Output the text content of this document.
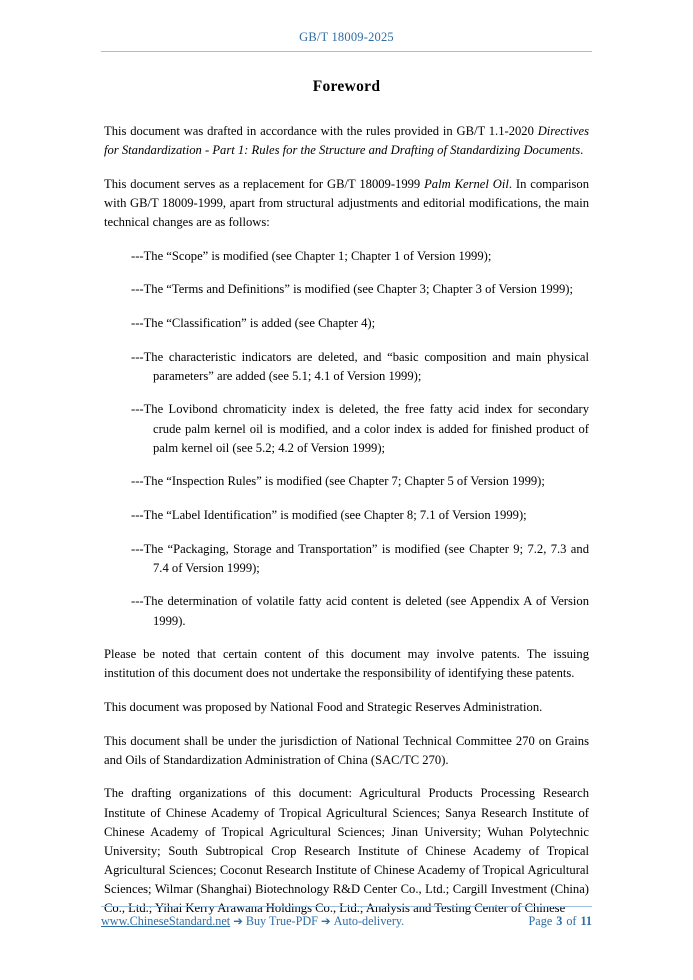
GB/T 18009-2025
Foreword

This document was drafted in accordance with the rules provided in GB/T 1.1-2020 Directives for Standardization - Part 1: Rules for the Structure and Drafting of Standardizing Documents.

This document serves as a replacement for GB/T 18009-1999 Palm Kernel Oil. In comparison with GB/T 18009-1999, apart from structural adjustments and editorial modifications, the main technical changes are as follows:

---The “Scope” is modified (see Chapter 1; Chapter 1 of Version 1999);
---The “Terms and Definitions” is modified (see Chapter 3; Chapter 3 of Version 1999);
---The “Classification” is added (see Chapter 4);
---The characteristic indicators are deleted, and “basic composition and main physical parameters” are added (see 5.1; 4.1 of Version 1999);
---The Lovibond chromaticity index is deleted, the free fatty acid index for secondary crude palm kernel oil is modified, and a color index is added for finished product of palm kernel oil (see 5.2; 4.2 of Version 1999);
---The “Inspection Rules” is modified (see Chapter 7; Chapter 5 of Version 1999);
---The “Label Identification” is modified (see Chapter 8; 7.1 of Version 1999);
---The “Packaging, Storage and Transportation” is modified (see Chapter 9; 7.2, 7.3 and 7.4 of Version 1999);
---The determination of volatile fatty acid content is deleted (see Appendix A of Version 1999).

Please be noted that certain content of this document may involve patents. The issuing institution of this document does not undertake the responsibility of identifying these patents.

This document was proposed by National Food and Strategic Reserves Administration.

This document shall be under the jurisdiction of National Technical Committee 270 on Grains and Oils of Standardization Administration of China (SAC/TC 270).

The drafting organizations of this document: Agricultural Products Processing Research Institute of Chinese Academy of Tropical Agricultural Sciences; Sanya Research Institute of Chinese Academy of Tropical Agricultural Sciences; Jinan University; Wuhan Polytechnic University; South Subtropical Crop Research Institute of Chinese Academy of Tropical Agricultural Sciences; Coconut Research Institute of Chinese Academy of Tropical Agricultural Sciences; Wilmar (Shanghai) Biotechnology R&D Center Co., Ltd.; Cargill Investment (China) Co., Ltd.; Yihai Kerry Arawana Holdings Co., Ltd.; Analysis and Testing Center of Chinese

www.ChineseStandard.net ➔ Buy True-PDF ➔ Auto-delivery.	Page 3 of 11
